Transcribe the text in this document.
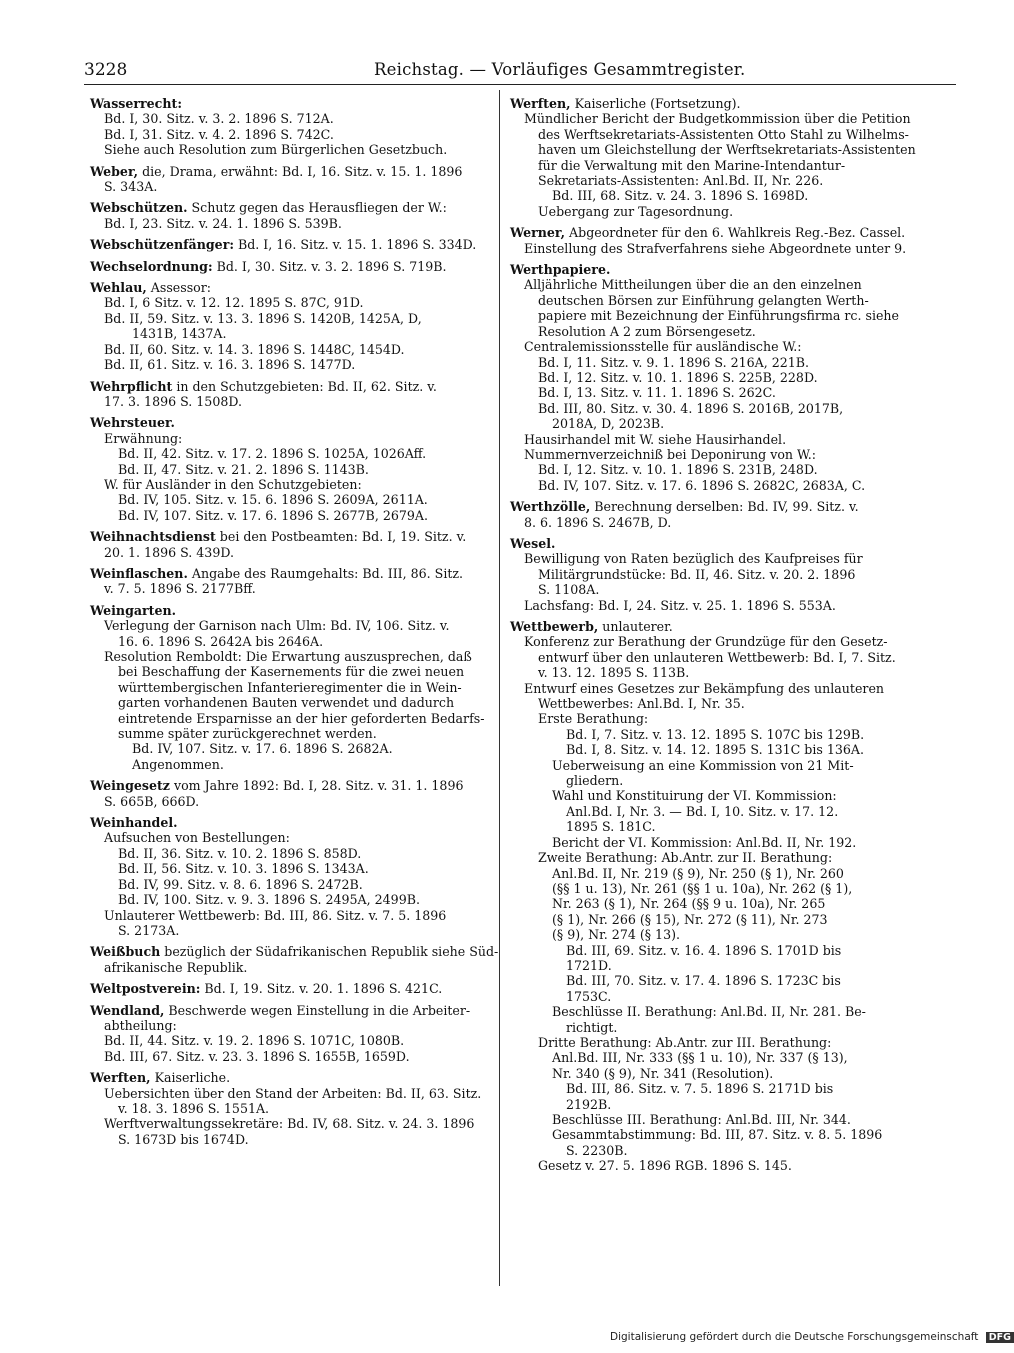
3228	Reichstag. — Vorläufiges Gesammtregister.
Wasserrecht:
Bd. I, 30. Sitz. v. 3. 2. 1896 S. 712A.
Bd. I, 31. Sitz. v. 4. 2. 1896 S. 742C.
Siehe auch Resolution zum Bürgerlichen Gesetzbuch.
Weber, die, Drama, erwähnt: Bd. I, 16. Sitz. v. 15. 1. 1896
S. 343A.
Webschützen. Schutz gegen das Herausfliegen der W.:
Bd. I, 23. Sitz. v. 24. 1. 1896 S. 539B.
Webschützenfänger: Bd. I, 16. Sitz. v. 15. 1. 1896 S. 334D.
Wechselordnung: Bd. I, 30. Sitz. v. 3. 2. 1896 S. 719B.
Wehlau, Assessor:
Bd. I, 6 Sitz. v. 12. 12. 1895 S. 87C, 91D.
Bd. II, 59. Sitz. v. 13. 3. 1896 S. 1420B, 1425A, D,
1431B, 1437A.
Bd. II, 60. Sitz. v. 14. 3. 1896 S. 1448C, 1454D.
Bd. II, 61. Sitz. v. 16. 3. 1896 S. 1477D.
Wehrpflicht in den Schutzgebieten: Bd. II, 62. Sitz. v.
17. 3. 1896 S. 1508D.
Wehrsteuer.
Erwähnung:
Bd. II, 42. Sitz. v. 17. 2. 1896 S. 1025A, 1026Aff.
Bd. II, 47. Sitz. v. 21. 2. 1896 S. 1143B.
W. für Ausländer in den Schutzgebieten:
Bd. IV, 105. Sitz. v. 15. 6. 1896 S. 2609A, 2611A.
Bd. IV, 107. Sitz. v. 17. 6. 1896 S. 2677B, 2679A.
Weihnachtsdienst bei den Postbeamten: Bd. I, 19. Sitz. v.
20. 1. 1896 S. 439D.
Weinflaschen. Angabe des Raumgehalts: Bd. III, 86. Sitz.
v. 7. 5. 1896 S. 2177Bff.
Weingarten.
Verlegung der Garnison nach Ulm: Bd. IV, 106. Sitz. v.
16. 6. 1896 S. 2642A bis 2646A.
Resolution Remboldt: Die Erwartung auszusprechen, daß
bei Beschaffung der Kasernements für die zwei neuen
württembergischen Infanterieregimenter die in Wein-
garten vorhandenen Bauten verwendet und dadurch
eintretende Ersparnisse an der hier geforderten Bedarfs-
summe später zurückgerechnet werden.
Bd. IV, 107. Sitz. v. 17. 6. 1896 S. 2682A.
Angenommen.
Weingesetz vom Jahre 1892: Bd. I, 28. Sitz. v. 31. 1. 1896
S. 665B, 666D.
Weinhandel.
Aufsuchen von Bestellungen:
Bd. II, 36. Sitz. v. 10. 2. 1896 S. 858D.
Bd. II, 56. Sitz. v. 10. 3. 1896 S. 1343A.
Bd. IV, 99. Sitz. v. 8. 6. 1896 S. 2472B.
Bd. IV, 100. Sitz. v. 9. 3. 1896 S. 2495A, 2499B.
Unlauterer Wettbewerb: Bd. III, 86. Sitz. v. 7. 5. 1896
S. 2173A.
Weißbuch bezüglich der Südafrikanischen Republik siehe Süd-
afrikanische Republik.
Weltpostverein: Bd. I, 19. Sitz. v. 20. 1. 1896 S. 421C.
Wendland, Beschwerde wegen Einstellung in die Arbeiter-
abtheilung:
Bd. II, 44. Sitz. v. 19. 2. 1896 S. 1071C, 1080B.
Bd. III, 67. Sitz. v. 23. 3. 1896 S. 1655B, 1659D.
Werften, Kaiserliche.
Uebersichten über den Stand der Arbeiten: Bd. II, 63. Sitz.
v. 18. 3. 1896 S. 1551A.
Werftverwaltungssekretäre: Bd. IV, 68. Sitz. v. 24. 3. 1896
S. 1673D bis 1674D.
Werften, Kaiserliche (Fortsetzung).
Mündlicher Bericht der Budgetkommission über die Petition
des Werftsekretariats-Assistenten Otto Stahl zu Wilhelms-
haven um Gleichstellung der Werftsekretariats-Assistenten
für die Verwaltung mit den Marine-Intendantur-
Sekretariats-Assistenten: Anl.Bd. II, Nr. 226.
Bd. III, 68. Sitz. v. 24. 3. 1896 S. 1698D.
Uebergang zur Tagesordnung.
Werner, Abgeordneter für den 6. Wahlkreis Reg.-Bez. Cassel.
Einstellung des Strafverfahrens siehe Abgeordnete unter 9.
Werthpapiere.
Alljährliche Mittheilungen über die an den einzelnen
deutschen Börsen zur Einführung gelangten Werth-
papiere mit Bezeichnung der Einführungsfirma rc. siehe
Resolution A 2 zum Börsengesetz.
Centralemissionsstelle für ausländische W.:
Bd. I, 11. Sitz. v. 9. 1. 1896 S. 216A, 221B.
Bd. I, 12. Sitz. v. 10. 1. 1896 S. 225B, 228D.
Bd. I, 13. Sitz. v. 11. 1. 1896 S. 262C.
Bd. III, 80. Sitz. v. 30. 4. 1896 S. 2016B, 2017B,
2018A, D, 2023B.
Hausirhandel mit W. siehe Hausirhandel.
Nummernverzeichniß bei Deponirung von W.:
Bd. I, 12. Sitz. v. 10. 1. 1896 S. 231B, 248D.
Bd. IV, 107. Sitz. v. 17. 6. 1896 S. 2682C, 2683A, C.
Werthzölle, Berechnung derselben: Bd. IV, 99. Sitz. v.
8. 6. 1896 S. 2467B, D.
Wesel.
Bewilligung von Raten bezüglich des Kaufpreises für
Militärgrundstücke: Bd. II, 46. Sitz. v. 20. 2. 1896
S. 1108A.
Lachsfang: Bd. I, 24. Sitz. v. 25. 1. 1896 S. 553A.
Wettbewerb, unlauterer.
Konferenz zur Berathung der Grundzüge für den Gesetz-
entwurf über den unlauteren Wettbewerb: Bd. I, 7. Sitz.
v. 13. 12. 1895 S. 113B.
Entwurf eines Gesetzes zur Bekämpfung des unlauteren
Wettbewerbes: Anl.Bd. I, Nr. 35.
Erste Berathung:
Bd. I, 7. Sitz. v. 13. 12. 1895 S. 107C bis 129B.
Bd. I, 8. Sitz. v. 14. 12. 1895 S. 131C bis 136A.
Ueberweisung an eine Kommission von 21 Mit-
gliedern.
Wahl und Konstituirung der VI. Kommission:
Anl.Bd. I, Nr. 3. — Bd. I, 10. Sitz. v. 17. 12.
1895 S. 181C.
Bericht der VI. Kommission: Anl.Bd. II, Nr. 192.
Zweite Berathung: Ab.Antr. zur II. Berathung:
Anl.Bd. II, Nr. 219 (§ 9), Nr. 250 (§ 1), Nr. 260
(§§ 1 u. 13), Nr. 261 (§§ 1 u. 10a), Nr. 262 (§ 1),
Nr. 263 (§ 1), Nr. 264 (§§ 9 u. 10a), Nr. 265
(§ 1), Nr. 266 (§ 15), Nr. 272 (§ 11), Nr. 273
(§ 9), Nr. 274 (§ 13).
Bd. III, 69. Sitz. v. 16. 4. 1896 S. 1701D bis
1721D.
Bd. III, 70. Sitz. v. 17. 4. 1896 S. 1723C bis
1753C.
Beschlüsse II. Berathung: Anl.Bd. II, Nr. 281. Be-
richtigt.
Dritte Berathung: Ab.Antr. zur III. Berathung:
Anl.Bd. III, Nr. 333 (§§ 1 u. 10), Nr. 337 (§ 13),
Nr. 340 (§ 9), Nr. 341 (Resolution).
Bd. III, 86. Sitz. v. 7. 5. 1896 S. 2171D bis
2192B.
Beschlüsse III. Berathung: Anl.Bd. III, Nr. 344.
Gesammtabstimmung: Bd. III, 87. Sitz. v. 8. 5. 1896
S. 2230B.
Gesetz v. 27. 5. 1896 RGB. 1896 S. 145.
Digitalisierung gefördert durch die Deutsche Forschungsgemeinschaft DFG
